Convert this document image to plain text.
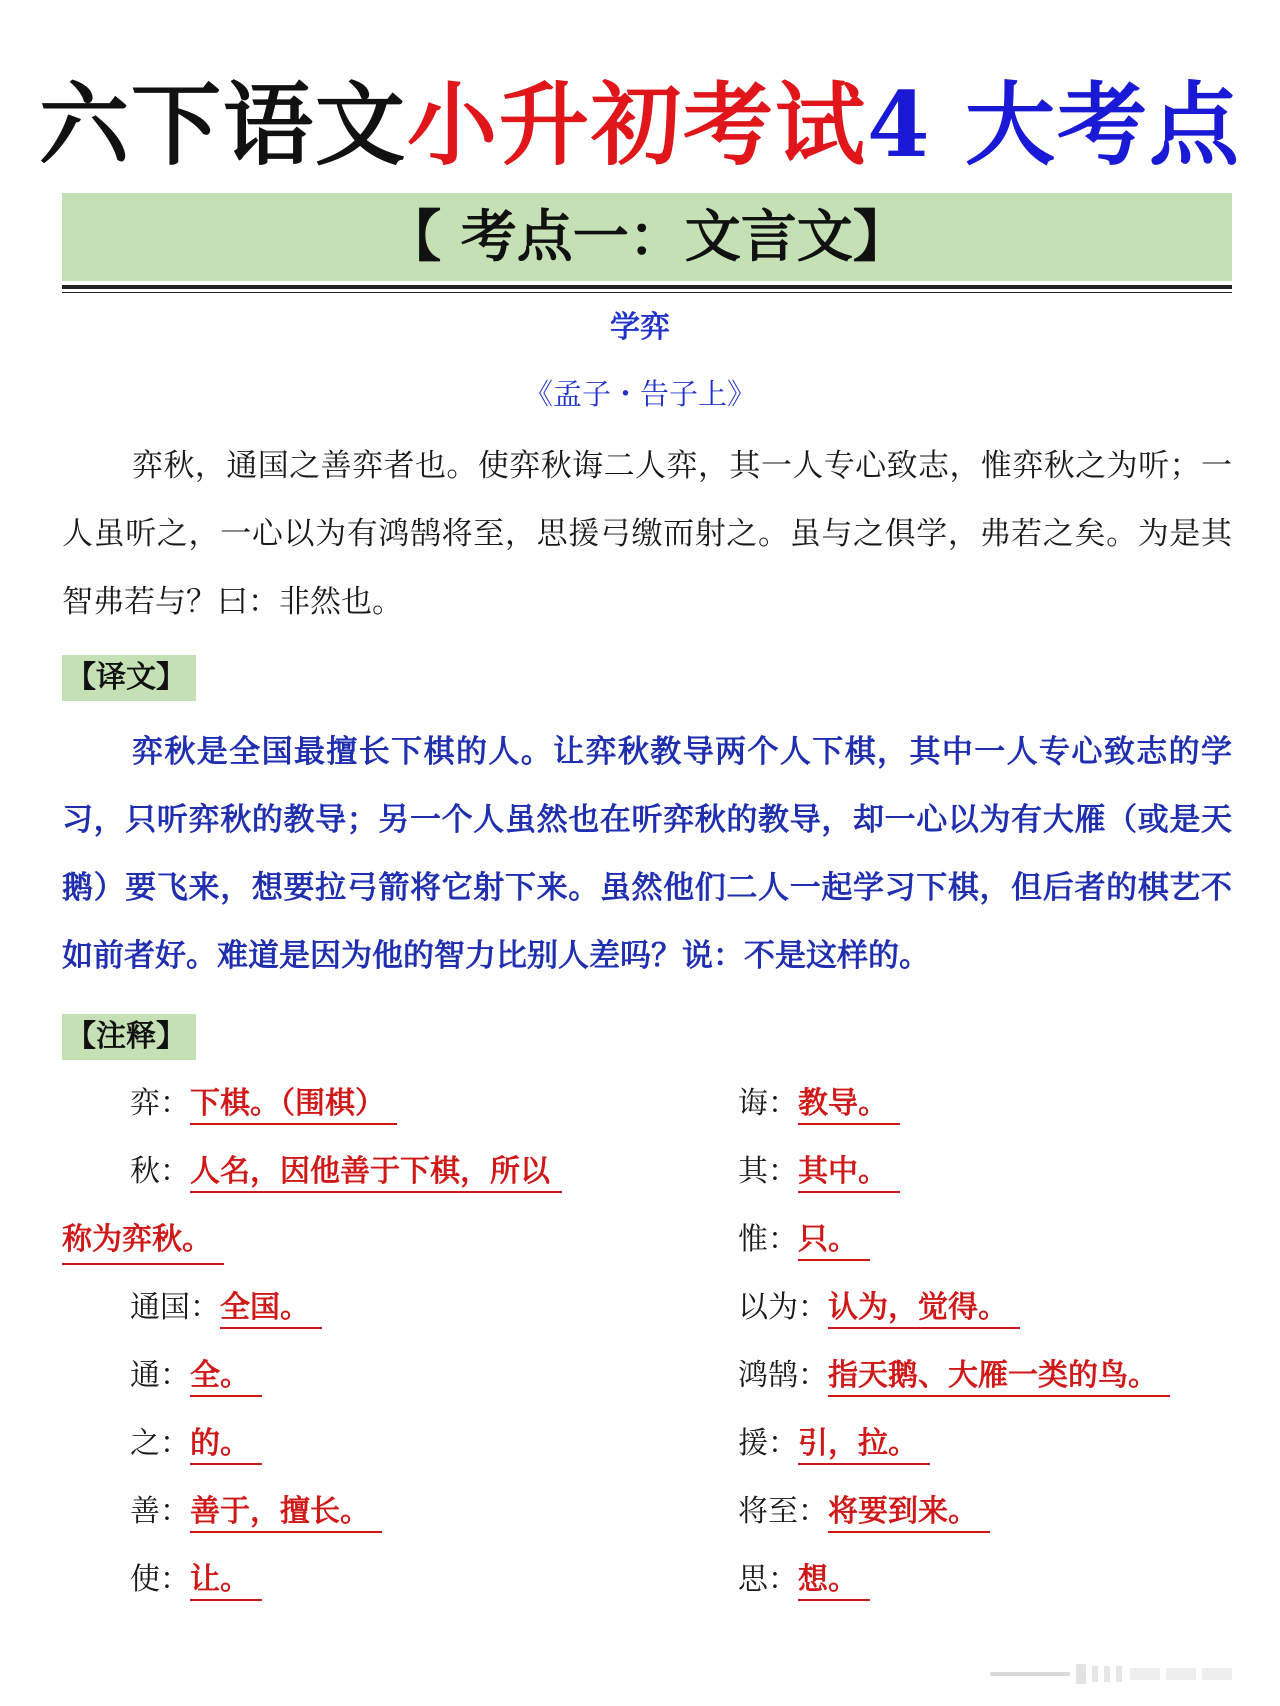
六下语文小升初考试4 大考点
【 考点一：文言文】
学弈
《孟子・告子上》
弈秋，通国之善弈者也。使弈秋诲二人弈，其一人专心致志，惟弈秋之为听；一人虽听之，一心以为有鸿鹄将至，思援弓缴而射之。虽与之俱学，弗若之矣。为是其智弗若与？曰：非然也。
【译文】
弈秋是全国最擅长下棋的人。让弈秋教导两个人下棋，其中一人专心致志的学习，只听弈秋的教导；另一个人虽然也在听弈秋的教导，却一心以为有大雁（或是天鹅）要飞来，想要拉弓箭将它射下来。虽然他们二人一起学习下棋，但后者的棋艺不如前者好。难道是因为他的智力比别人差吗？说：不是这样的。
【注释】
弈：下棋。（围棋）
秋：人名，因他善于下棋，所以
称为弈秋。
通国：全国。
通：全。
之：的。
善：善于，擅长。
使：让。
诲：教导。
其：其中。
惟：只。
以为：认为，觉得。
鸿鹄：指天鹅、大雁一类的鸟。
援：引，拉。
将至：将要到来。
思：想。
